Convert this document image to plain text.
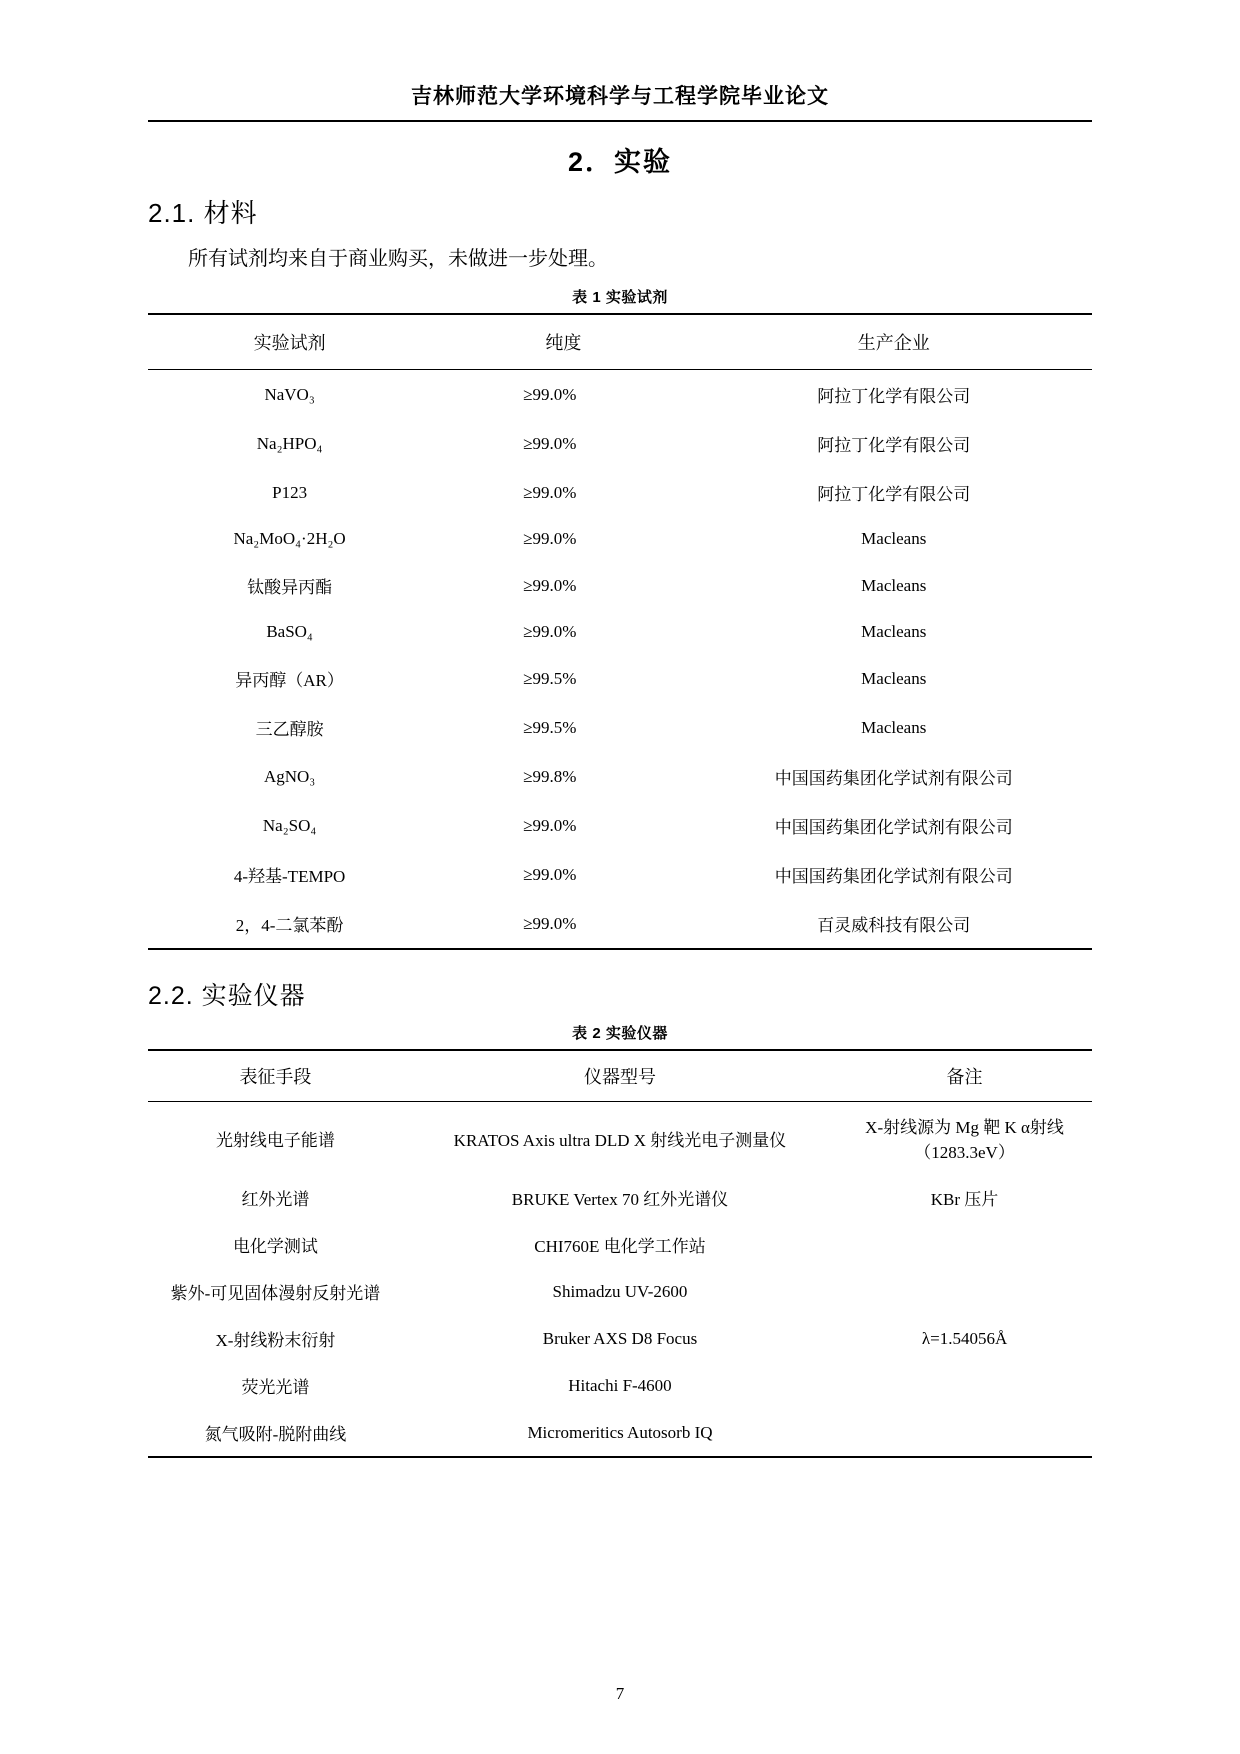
吉林师范大学环境科学与工程学院毕业论文
2．实验
2.1. 材料
所有试剂均来自于商业购买，未做进一步处理。
表 1 实验试剂
实验试剂	纯度	生产企业
NaVO₃	≥99.0%	阿拉丁化学有限公司
Na₂HPO₄	≥99.0%	阿拉丁化学有限公司
P123	≥99.0%	阿拉丁化学有限公司
Na₂MoO₄·2H₂O	≥99.0%	Macleans
钛酸异丙酯	≥99.0%	Macleans
BaSO₄	≥99.0%	Macleans
异丙醇（AR）	≥99.5%	Macleans
三乙醇胺	≥99.5%	Macleans
AgNO₃	≥99.8%	中国国药集团化学试剂有限公司
Na₂SO₄	≥99.0%	中国国药集团化学试剂有限公司
4-羟基-TEMPO	≥99.0%	中国国药集团化学试剂有限公司
2，4-二氯苯酚	≥99.0%	百灵威科技有限公司
2.2. 实验仪器
表 2 实验仪器
表征手段	仪器型号	备注
光射线电子能谱	KRATOS Axis ultra DLD X 射线光电子测量仪	X-射线源为 Mg 靶 K α射线（1283.3eV）
红外光谱	BRUKE Vertex 70 红外光谱仪	KBr 压片
电化学测试	CHI760E 电化学工作站	
紫外-可见固体漫射反射光谱	Shimadzu UV-2600	
X-射线粉末衍射	Bruker AXS D8 Focus	λ=1.54056Å
荧光光谱	Hitachi F-4600	
氮气吸附-脱附曲线	Micromeritics Autosorb IQ	
7
